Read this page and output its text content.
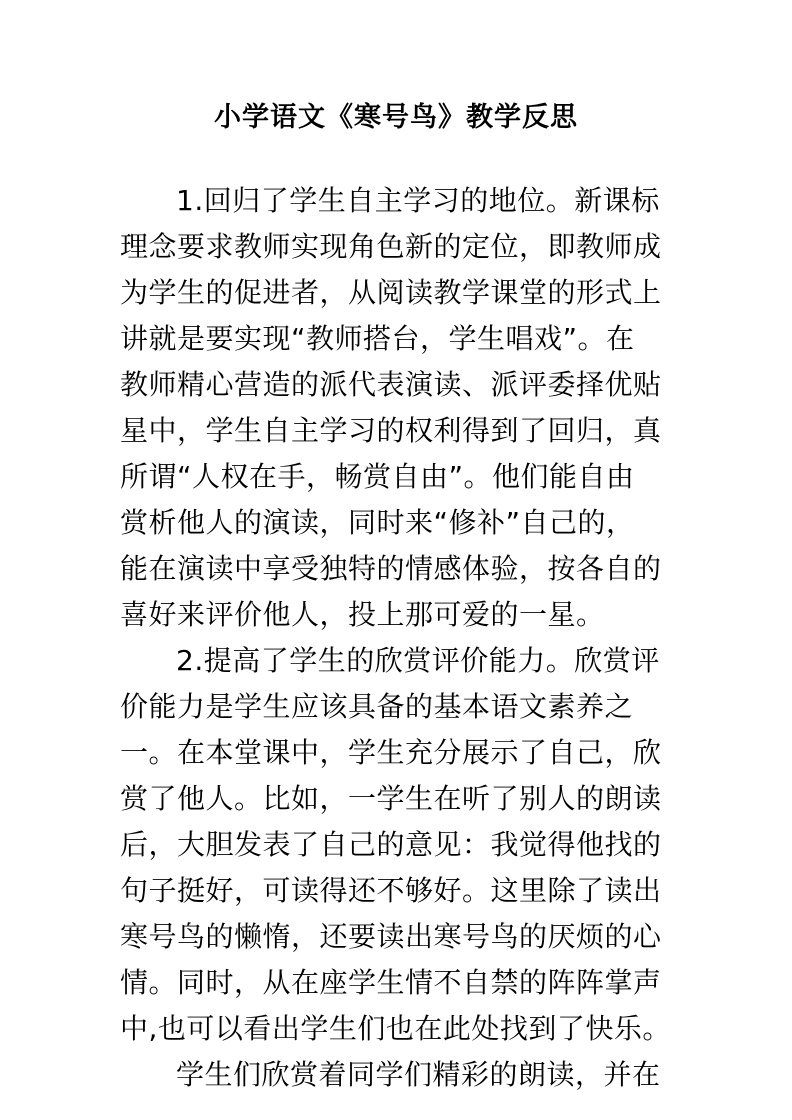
小学语文《寒号鸟》教学反思
1.回归了学生自主学习的地位。新课标
理念要求教师实现角色新的定位，即教师成
为学生的促进者，从阅读教学课堂的形式上
讲就是要实现“教师搭台，学生唱戏”。在
教师精心营造的派代表演读、派评委择优贴
星中，学生自主学习的权利得到了回归，真
所谓“人权在手，畅赏自由”。他们能自由
赏析他人的演读，同时来“修补”自己的，
能在演读中享受独特的情感体验，按各自的
喜好来评价他人，投上那可爱的一星。
2.提高了学生的欣赏评价能力。欣赏评
价能力是学生应该具备的基本语文素养之
一。在本堂课中，学生充分展示了自己，欣
赏了他人。比如，一学生在听了别人的朗读
后，大胆发表了自己的意见：我觉得他找的
句子挺好，可读得还不够好。这里除了读出
寒号鸟的懒惰，还要读出寒号鸟的厌烦的心
情。同时，从在座学生情不自禁的阵阵掌声
中,也可以看出学生们也在此处找到了快乐。
学生们欣赏着同学们精彩的朗读，并在
